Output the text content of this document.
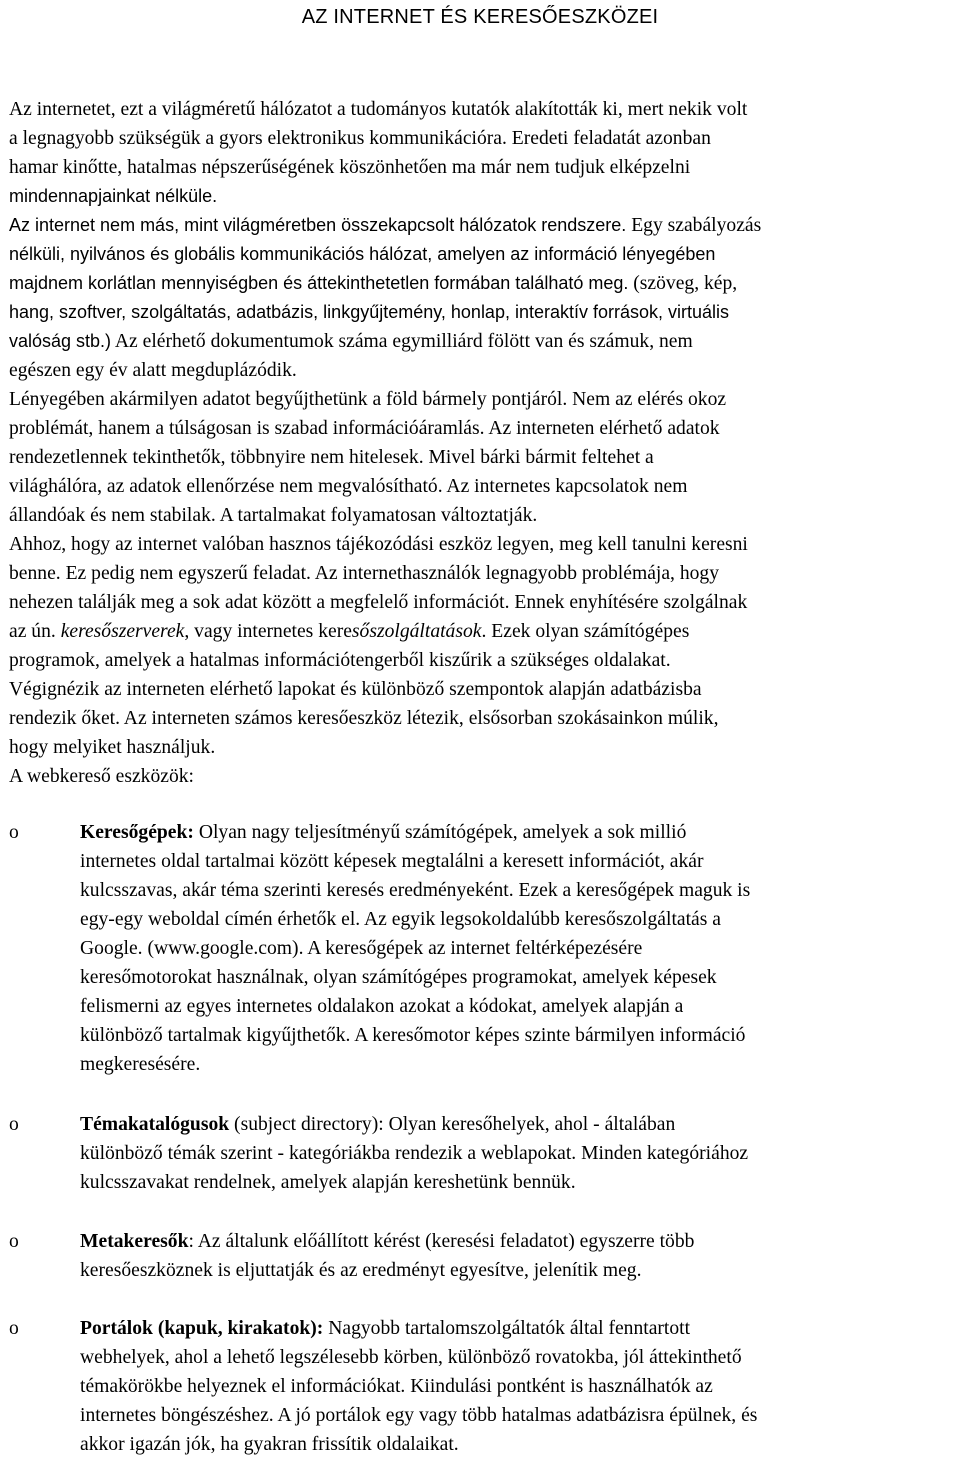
AZ INTERNET ÉS KERESŐESZKÖZEI
Az internetet, ezt a világméretű hálózatot a tudományos kutatók alakították ki, mert nekik volt
a legnagyobb szükségük a gyors elektronikus kommunikációra. Eredeti feladatát azonban
hamar kinőtte, hatalmas népszerűségének köszönhetően ma már nem tudjuk elképzelni
mindennapjainkat nélküle.
Az internet nem más, mint világméretben összekapcsolt hálózatok rendszere. Egy szabályozás
nélküli, nyilvános és globális kommunikációs hálózat, amelyen az információ lényegében
majdnem korlátlan mennyiségben és áttekinthetetlen formában található meg. (szöveg, kép,
hang, szoftver, szolgáltatás, adatbázis, linkgyűjtemény, honlap, interaktív források, virtuális
valóság stb.) Az elérhető dokumentumok száma egymilliárd fölött van és számuk, nem
egészen egy év alatt megduplázódik.
Lényegében akármilyen adatot begyűjthetünk a föld bármely pontjáról. Nem az elérés okoz
problémát, hanem a túlságosan is szabad információáramlás. Az interneten elérhető adatok
rendezetlennek tekinthetők, többnyire nem hitelesek. Mivel bárki bármit feltehet a
világhálóra, az adatok ellenőrzése nem megvalósítható. Az internetes kapcsolatok nem
állandóak és nem stabilak. A tartalmakat folyamatosan változtatják.
Ahhoz, hogy az internet valóban hasznos tájékozódási eszköz legyen, meg kell tanulni keresni
benne. Ez pedig nem egyszerű feladat. Az internethasználók legnagyobb problémája, hogy
nehezen találják meg a sok adat között a megfelelő információt. Ennek enyhítésére szolgálnak
az ún. keresőszerverek, vagy internetes keresőszolgáltatások. Ezek olyan számítógépes
programok, amelyek a hatalmas információtengerből kiszűrik a szükséges oldalakat.
Végignézik az interneten elérhető lapokat és különböző szempontok alapján adatbázisba
rendezik őket. Az interneten számos keresőeszköz létezik, elsősorban szokásainkon múlik,
hogy melyiket használjuk.
A webkereső eszközök:
o	Keresőgépek: Olyan nagy teljesítményű számítógépek, amelyek a sok millió
internetes oldal tartalmai között képesek megtalálni a keresett információt, akár
kulcsszavas, akár téma szerinti keresés eredményeként. Ezek a keresőgépek maguk is
egy-egy weboldal címén érhetők el. Az egyik legsokoldalúbb keresőszolgáltatás a
Google. (www.google.com). A keresőgépek az internet feltérképezésére
keresőmotorokat használnak, olyan számítógépes programokat, amelyek képesek
felismerni az egyes internetes oldalakon azokat a kódokat, amelyek alapján a
különböző tartalmak kigyűjthetők. A keresőmotor képes szinte bármilyen információ
megkeresésére.
o	Témakatalógusok (subject directory): Olyan keresőhelyek, ahol - általában
különböző témák szerint - kategóriákba rendezik a weblapokat. Minden kategóriához
kulcsszavakat rendelnek, amelyek alapján kereshetünk bennük.
o	Metakeresők: Az általunk előállított kérést (keresési feladatot) egyszerre több
keresőeszköznek is eljuttatják és az eredményt egyesítve, jelenítik meg.
o	Portálok (kapuk, kirakatok): Nagyobb tartalomszolgáltatók által fenntartott
webhelyek, ahol a lehető legszélesebb körben, különböző rovatokba, jól áttekinthető
témakörökbe helyeznek el információkat. Kiindulási pontként is használhatók az
internetes böngészéshez. A jó portálok egy vagy több hatalmas adatbázisra épülnek, és
akkor igazán jók, ha gyakran frissítik oldalaikat.
